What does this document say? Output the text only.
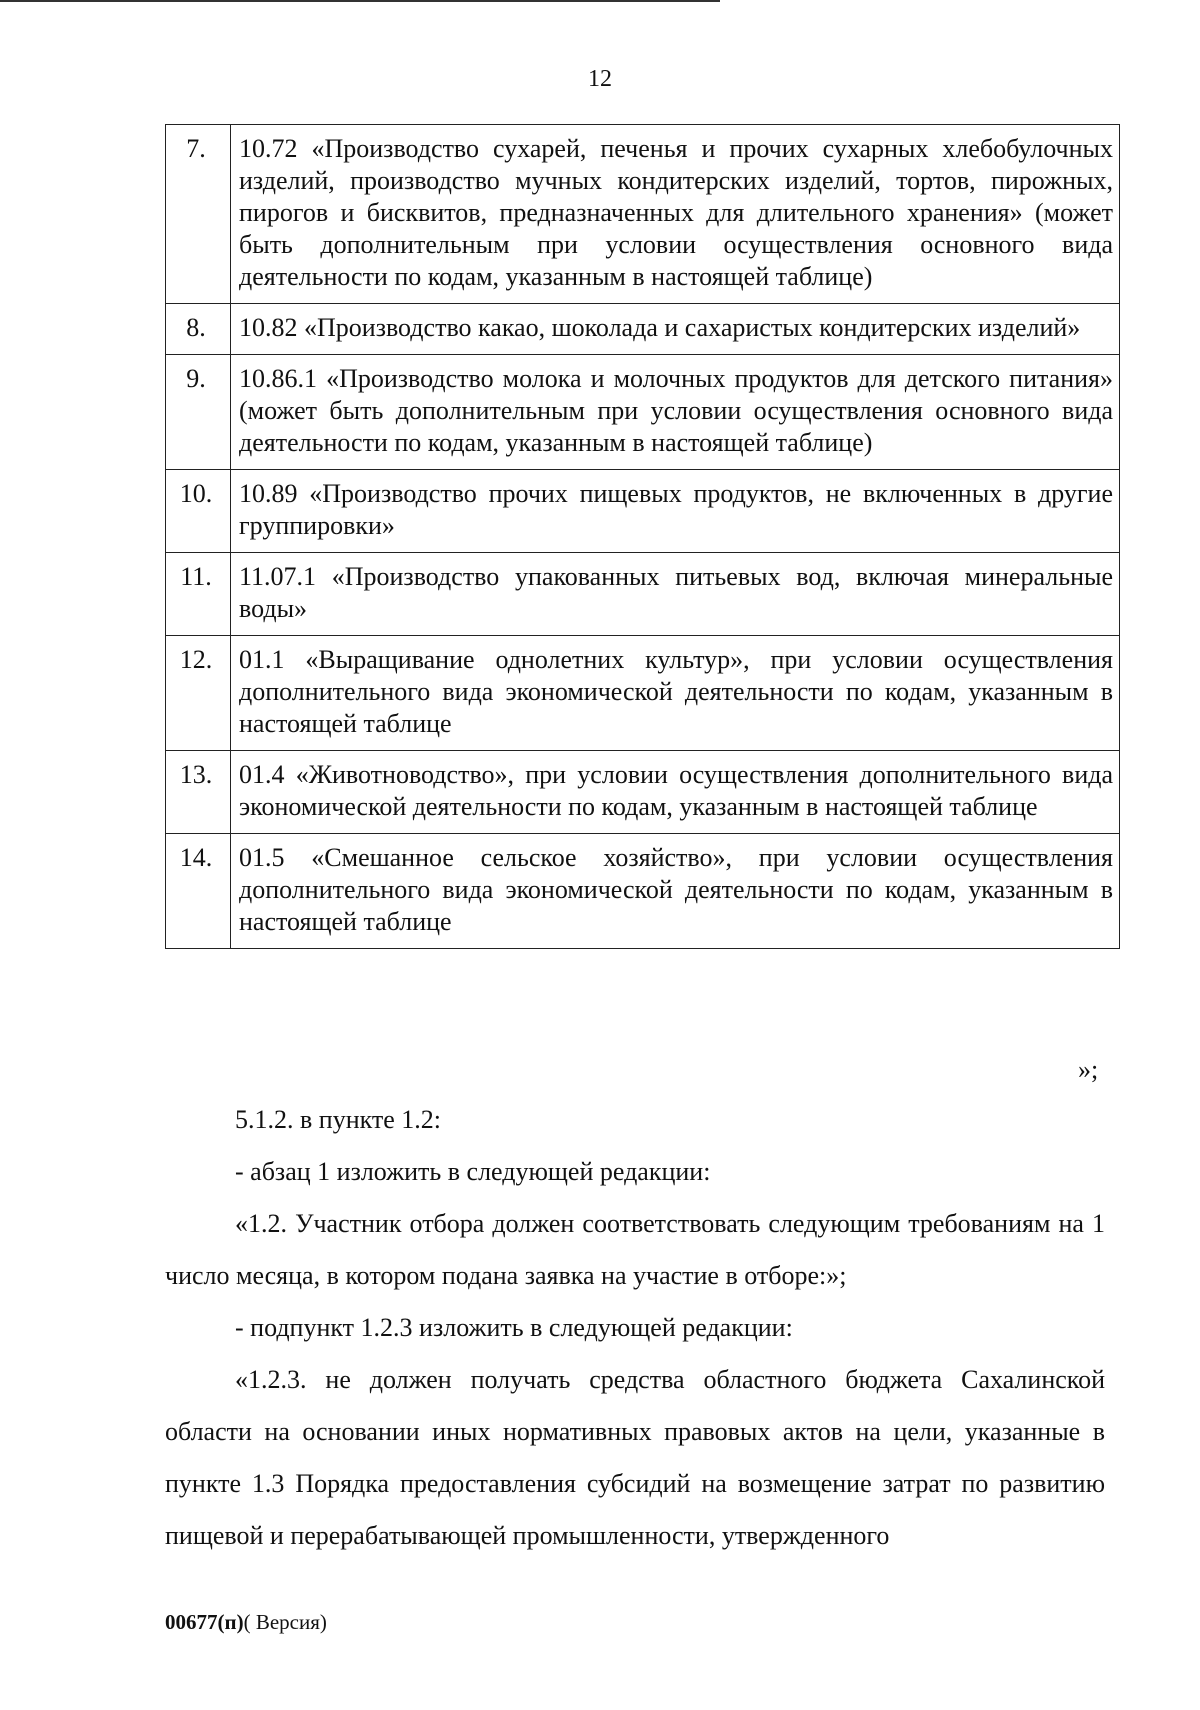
12
7.	10.72 «Производство сухарей, печенья и прочих сухарных хлебобулочных изделий, производство мучных кондитерских изделий, тортов, пирожных, пирогов и бисквитов, предназначенных для длительного хранения» (может быть дополнительным при условии осуществления основного вида деятельности по кодам, указанным в настоящей таблице)
8.	10.82 «Производство какао, шоколада и сахаристых кондитерских изделий»
9.	10.86.1 «Производство молока и молочных продуктов для детского питания» (может быть дополнительным при условии осуществления основного вида деятельности по кодам, указанным в настоящей таблице)
10.	10.89 «Производство прочих пищевых продуктов, не включенных в другие группировки»
11.	11.07.1 «Производство упакованных питьевых вод, включая минеральные воды»
12.	01.1 «Выращивание однолетних культур», при условии осуществления дополнительного вида экономической деятельности по кодам, указанным в настоящей таблице
13.	01.4 «Животноводство», при условии осуществления дополнительного вида экономической деятельности по кодам, указанным в настоящей таблице
14.	01.5 «Смешанное сельское хозяйство», при условии осуществления дополнительного вида экономической деятельности по кодам, указанным в настоящей таблице
»;
5.1.2. в пункте 1.2:
- абзац 1 изложить в следующей редакции:
«1.2. Участник отбора должен соответствовать следующим требованиям на 1 число месяца, в котором подана заявка на участие в отборе:»;
- подпункт 1.2.3 изложить в следующей редакции:
«1.2.3. не должен получать средства областного бюджета Сахалинской области на основании иных нормативных правовых актов на цели, указанные в пункте 1.3 Порядка предоставления субсидий на возмещение затрат по развитию пищевой и перерабатывающей промышленности, утвержденного
00677(п)( Версия)
